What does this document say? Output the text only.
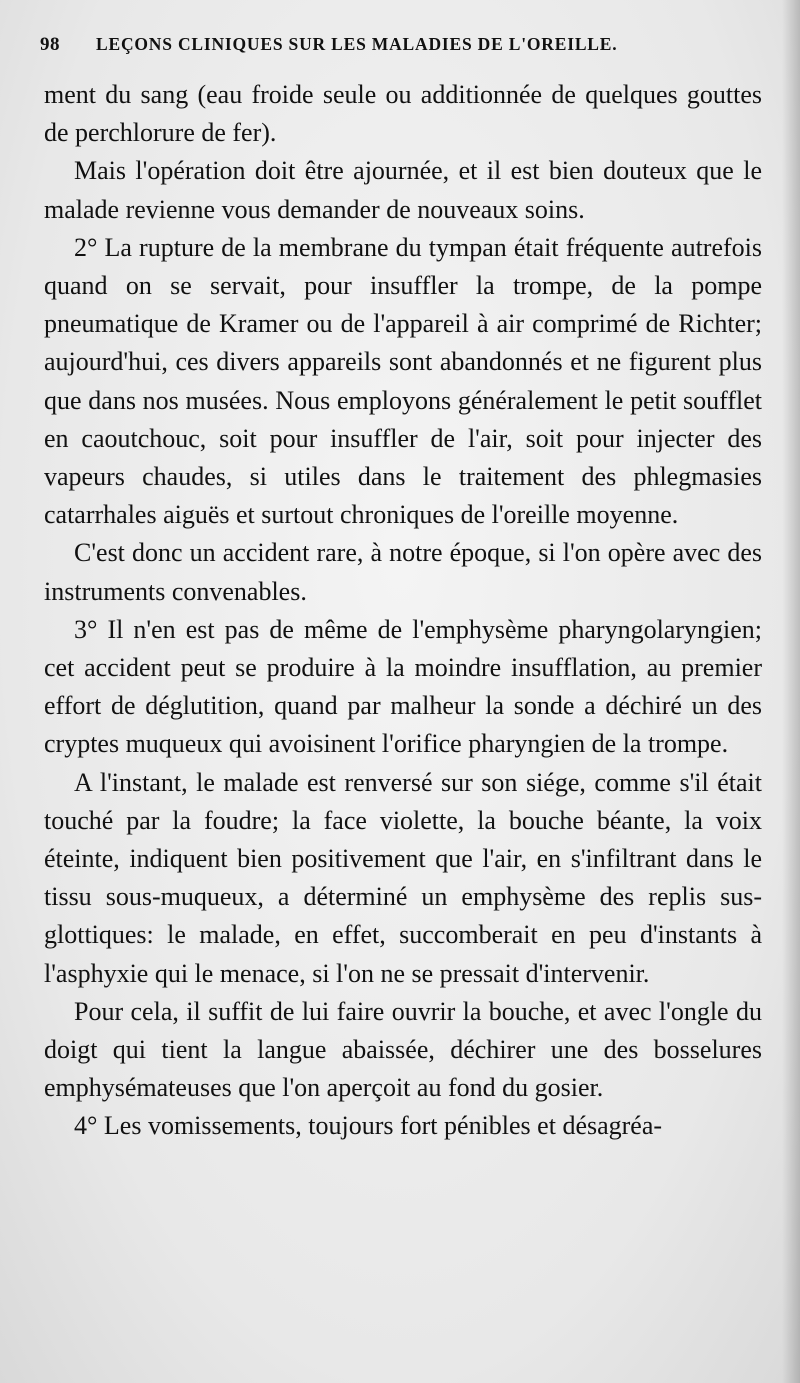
98 LEÇONS CLINIQUES SUR LES MALADIES DE L'OREILLE.

ment du sang (eau froide seule ou additionnée de quelques gouttes de perchlorure de fer).

Mais l'opération doit être ajournée, et il est bien douteux que le malade revienne vous demander de nouveaux soins.

2° La rupture de la membrane du tympan était fréquente autrefois quand on se servait, pour insuffler la trompe, de la pompe pneumatique de Kramer ou de l'appareil à air comprimé de Richter; aujourd'hui, ces divers appareils sont abandonnés et ne figurent plus que dans nos musées. Nous employons généralement le petit soufflet en caoutchouc, soit pour insuffler de l'air, soit pour injecter des vapeurs chaudes, si utiles dans le traitement des phlegmasies catarrhales aiguës et surtout chroniques de l'oreille moyenne.

C'est donc un accident rare, à notre époque, si l'on opère avec des instruments convenables.

3° Il n'en est pas de même de l'emphysème pharyngolaryngien; cet accident peut se produire à la moindre insufflation, au premier effort de déglutition, quand par malheur la sonde a déchiré un des cryptes muqueux qui avoisinent l'orifice pharyngien de la trompe.

A l'instant, le malade est renversé sur son siége, comme s'il était touché par la foudre; la face violette, la bouche béante, la voix éteinte, indiquent bien positivement que l'air, en s'infiltrant dans le tissu sous-muqueux, a déterminé un emphysème des replis sus-glottiques: le malade, en effet, succomberait en peu d'instants à l'asphyxie qui le menace, si l'on ne se pressait d'intervenir.

Pour cela, il suffit de lui faire ouvrir la bouche, et avec l'ongle du doigt qui tient la langue abaissée, déchirer une des bosselures emphysémateuses que l'on aperçoit au fond du gosier.

4° Les vomissements, toujours fort pénibles et désagréa-
